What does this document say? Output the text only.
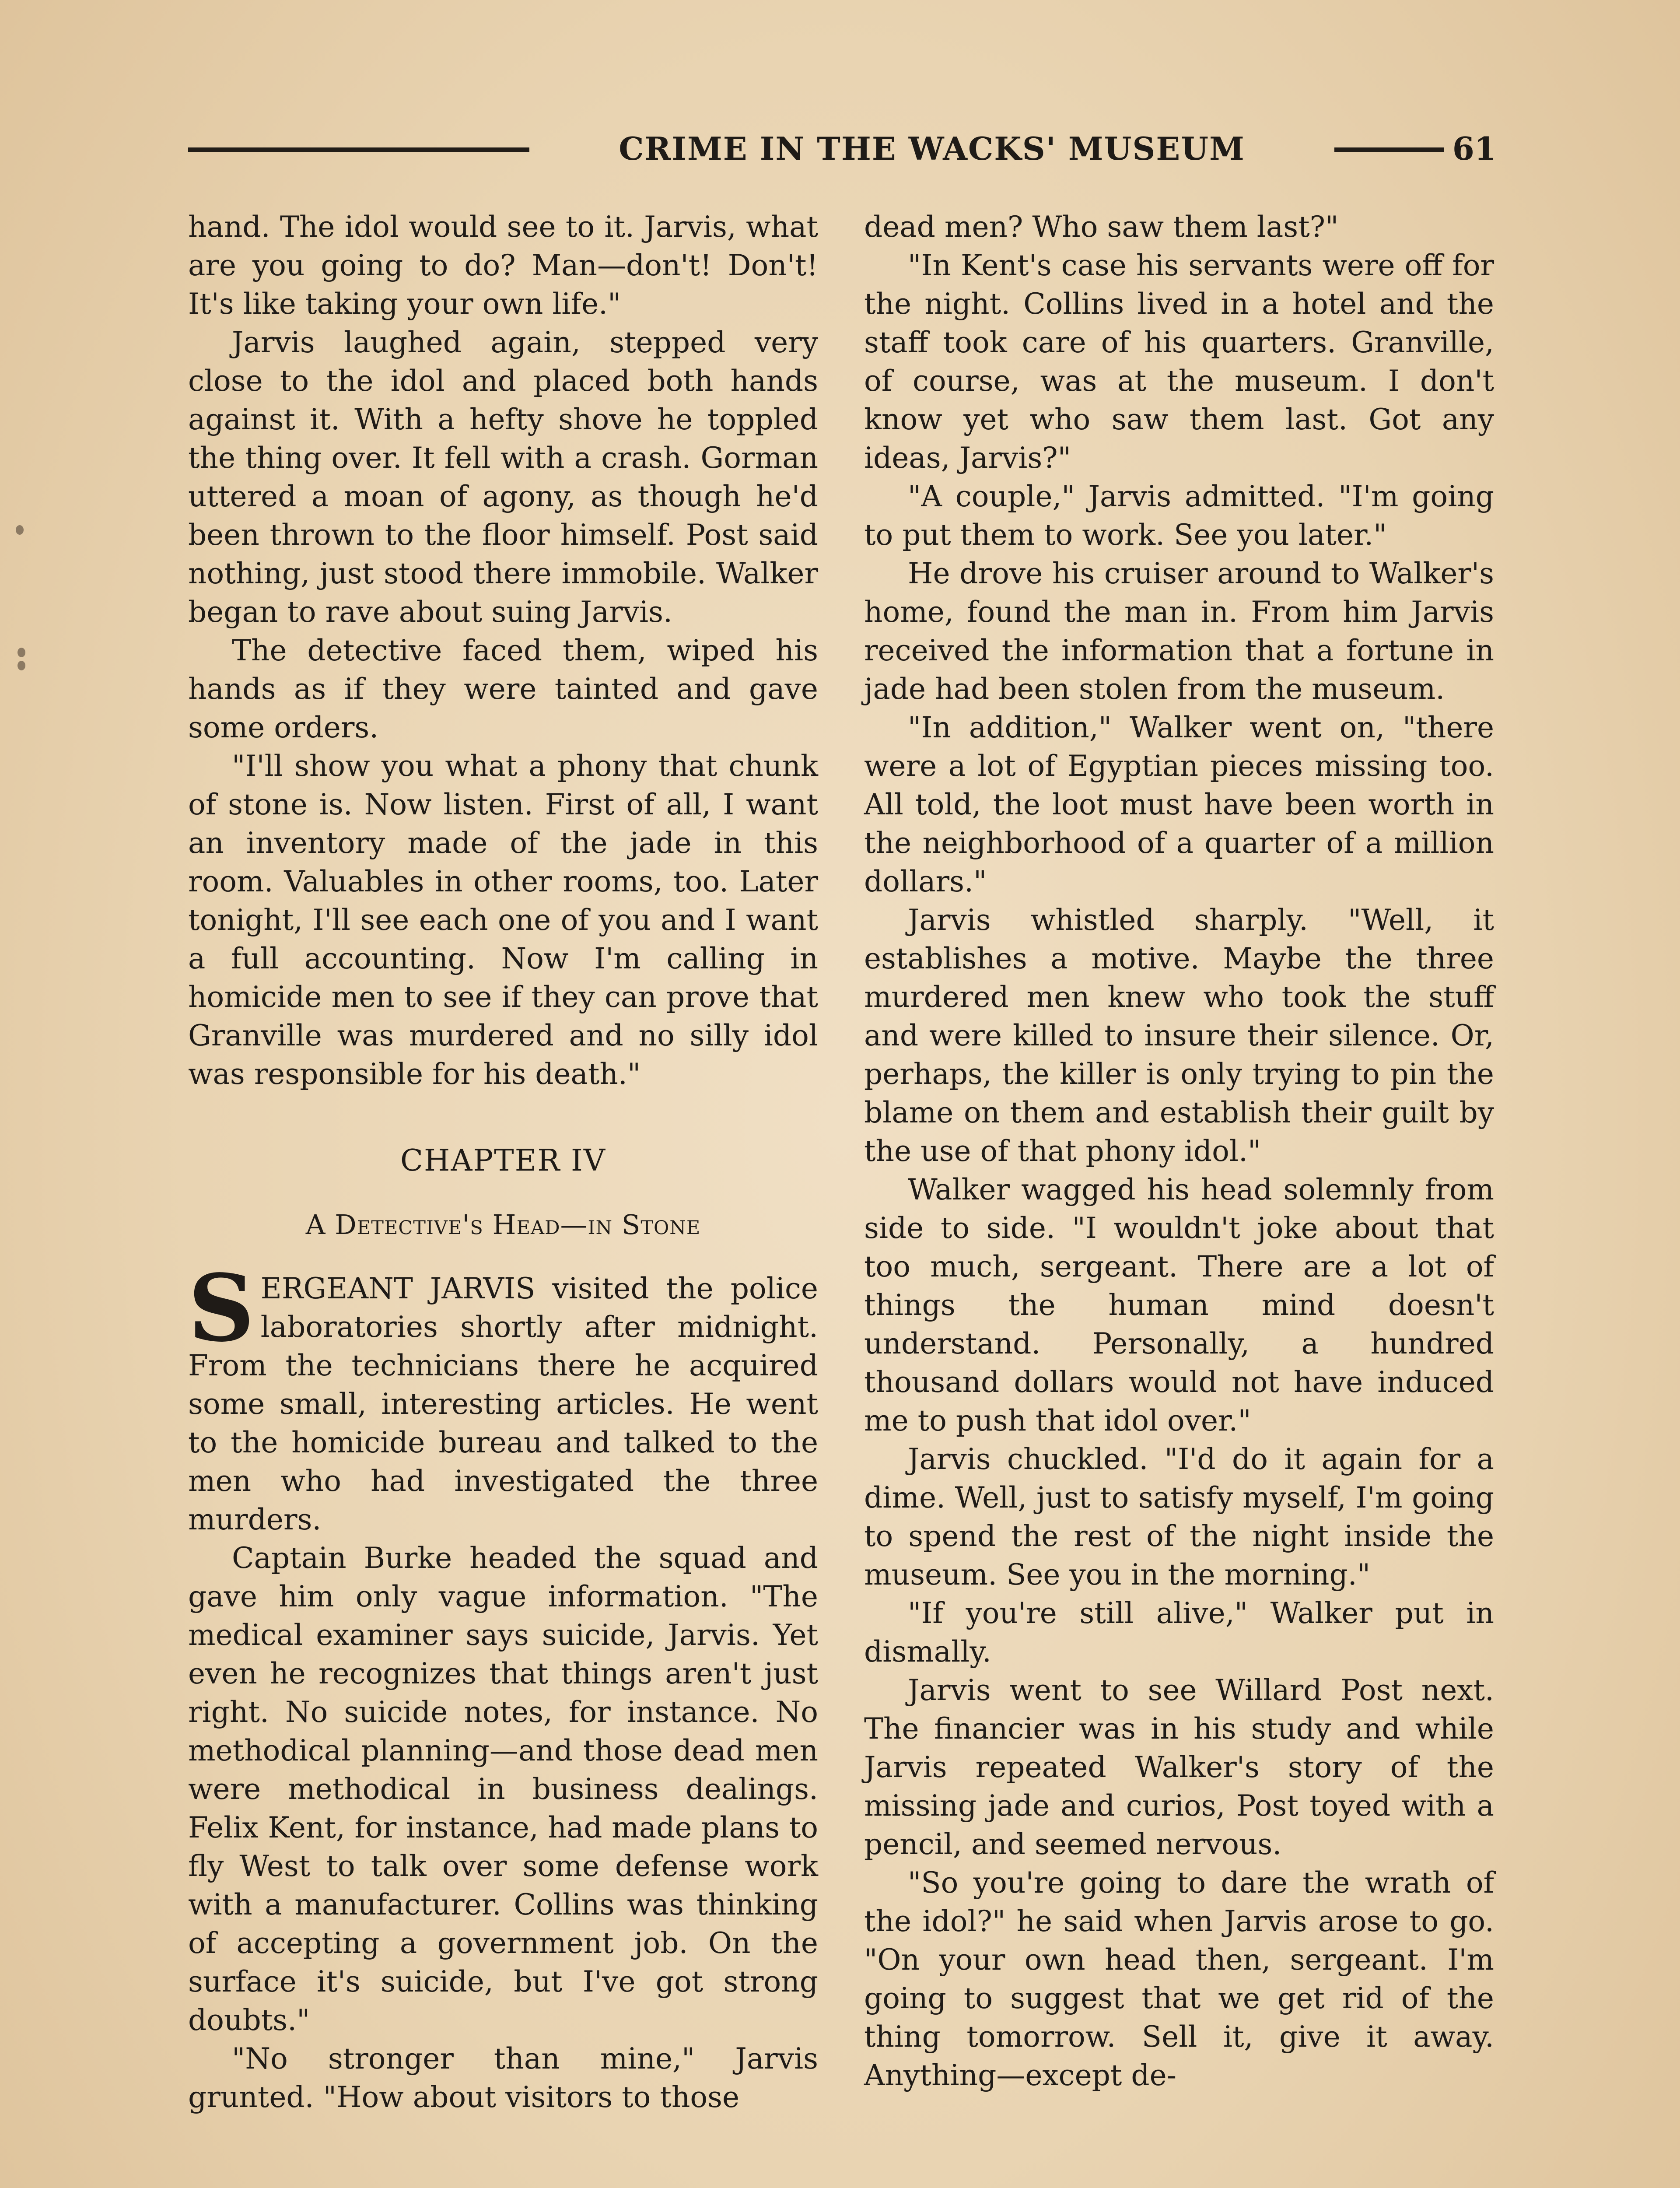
CRIME IN THE WACKS' MUSEUM	61

hand. The idol would see to it. Jarvis, what are you going to do? Man—don't! Don't! It's like taking your own life."

Jarvis laughed again, stepped very close to the idol and placed both hands against it. With a hefty shove he toppled the thing over. It fell with a crash. Gorman uttered a moan of agony, as though he'd been thrown to the floor himself. Post said nothing, just stood there immobile. Walker began to rave about suing Jarvis.

The detective faced them, wiped his hands as if they were tainted and gave some orders.

"I'll show you what a phony that chunk of stone is. Now listen. First of all, I want an inventory made of the jade in this room. Valuables in other rooms, too. Later tonight, I'll see each one of you and I want a full accounting. Now I'm calling in homicide men to see if they can prove that Granville was murdered and no silly idol was responsible for his death."

CHAPTER IV
A Detective's Head—in Stone

SERGEANT JARVIS visited the police laboratories shortly after midnight. From the technicians there he acquired some small, interesting articles. He went to the homicide bureau and talked to the men who had investigated the three murders.

Captain Burke headed the squad and gave him only vague information. "The medical examiner says suicide, Jarvis. Yet even he recognizes that things aren't just right. No suicide notes, for instance. No methodical planning—and those dead men were methodical in business dealings. Felix Kent, for instance, had made plans to fly West to talk over some defense work with a manufacturer. Collins was thinking of accepting a government job. On the surface it's suicide, but I've got strong doubts."

"No stronger than mine," Jarvis grunted. "How about visitors to those

dead men? Who saw them last?"

"In Kent's case his servants were off for the night. Collins lived in a hotel and the staff took care of his quarters. Granville, of course, was at the museum. I don't know yet who saw them last. Got any ideas, Jarvis?"

"A couple," Jarvis admitted. "I'm going to put them to work. See you later."

He drove his cruiser around to Walker's home, found the man in. From him Jarvis received the information that a fortune in jade had been stolen from the museum.

"In addition," Walker went on, "there were a lot of Egyptian pieces missing too. All told, the loot must have been worth in the neighborhood of a quarter of a million dollars."

Jarvis whistled sharply. "Well, it establishes a motive. Maybe the three murdered men knew who took the stuff and were killed to insure their silence. Or, perhaps, the killer is only trying to pin the blame on them and establish their guilt by the use of that phony idol."

Walker wagged his head solemnly from side to side. "I wouldn't joke about that too much, sergeant. There are a lot of things the human mind doesn't understand. Personally, a hundred thousand dollars would not have induced me to push that idol over."

Jarvis chuckled. "I'd do it again for a dime. Well, just to satisfy myself, I'm going to spend the rest of the night inside the museum. See you in the morning."

"If you're still alive," Walker put in dismally.

Jarvis went to see Willard Post next. The financier was in his study and while Jarvis repeated Walker's story of the missing jade and curios, Post toyed with a pencil, and seemed nervous.

"So you're going to dare the wrath of the idol?" he said when Jarvis arose to go. "On your own head then, sergeant. I'm going to suggest that we get rid of the thing tomorrow. Sell it, give it away. Anything—except de-
